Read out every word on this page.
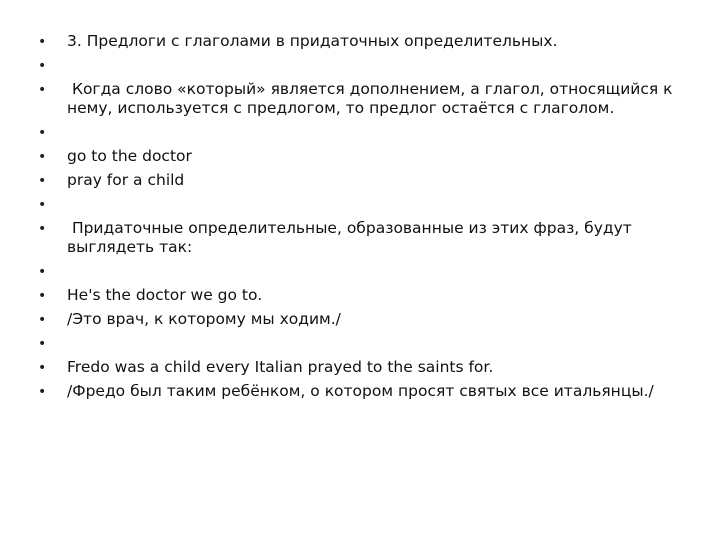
• 3. Предлоги с глаголами в придаточных определительных.
•
• Когда слово «который» является дополнением, а глагол, относящийся к нему, используется с предлогом, то предлог остаётся с глаголом.
•
• go to the doctor
• pray for a child
•
• Придаточные определительные, образованные из этих фраз, будут выглядеть так:
•
• He's the doctor we go to.
• /Это врач, к которому мы ходим./
•
• Fredo was a child every Italian prayed to the saints for.
• /Фредо был таким ребёнком, о котором просят святых все итальянцы./
